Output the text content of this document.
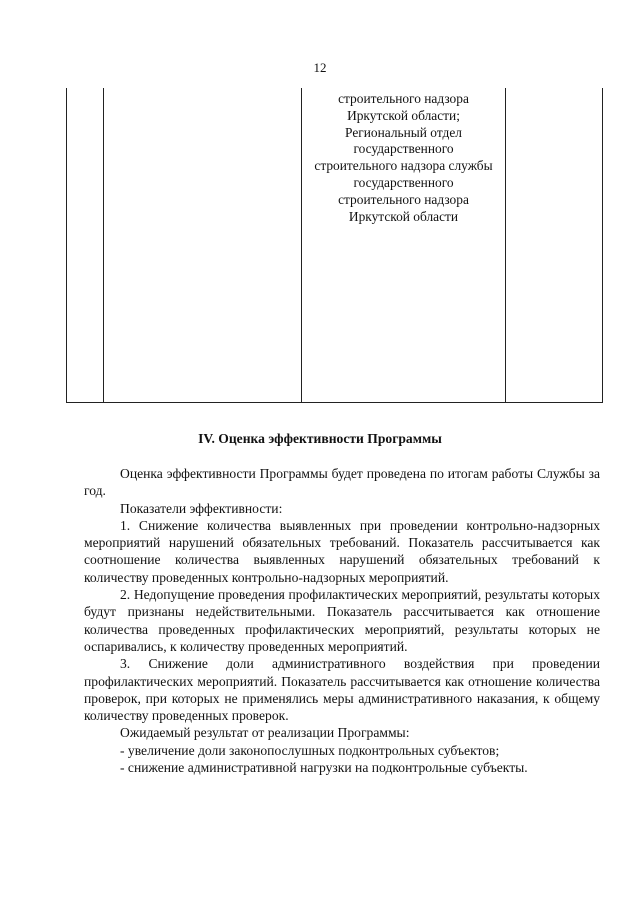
12
строительного надзора
Иркутской области;
Региональный отдел
государственного
строительного надзора службы
государственного
строительного надзора
Иркутской области
IV. Оценка эффективности Программы

Оценка эффективности Программы будет проведена по итогам работы Службы за год.

Показатели эффективности:

1. Снижение количества выявленных при проведении контрольно-надзорных мероприятий нарушений обязательных требований. Показатель рассчитывается как соотношение количества выявленных нарушений обязательных требований к количеству проведенных контрольно-надзорных мероприятий.

2. Недопущение проведения профилактических мероприятий, результаты которых будут признаны недействительными. Показатель рассчитывается как отношение количества проведенных профилактических мероприятий, результаты которых не оспаривались, к количеству проведенных мероприятий.

3. Снижение доли административного воздействия при проведении профилактических мероприятий. Показатель рассчитывается как отношение количества проверок, при которых не применялись меры административного наказания, к общему количеству проведенных проверок.

Ожидаемый результат от реализации Программы:

- увеличение доли законопослушных подконтрольных субъектов;

- снижение административной нагрузки на подконтрольные субъекты.
